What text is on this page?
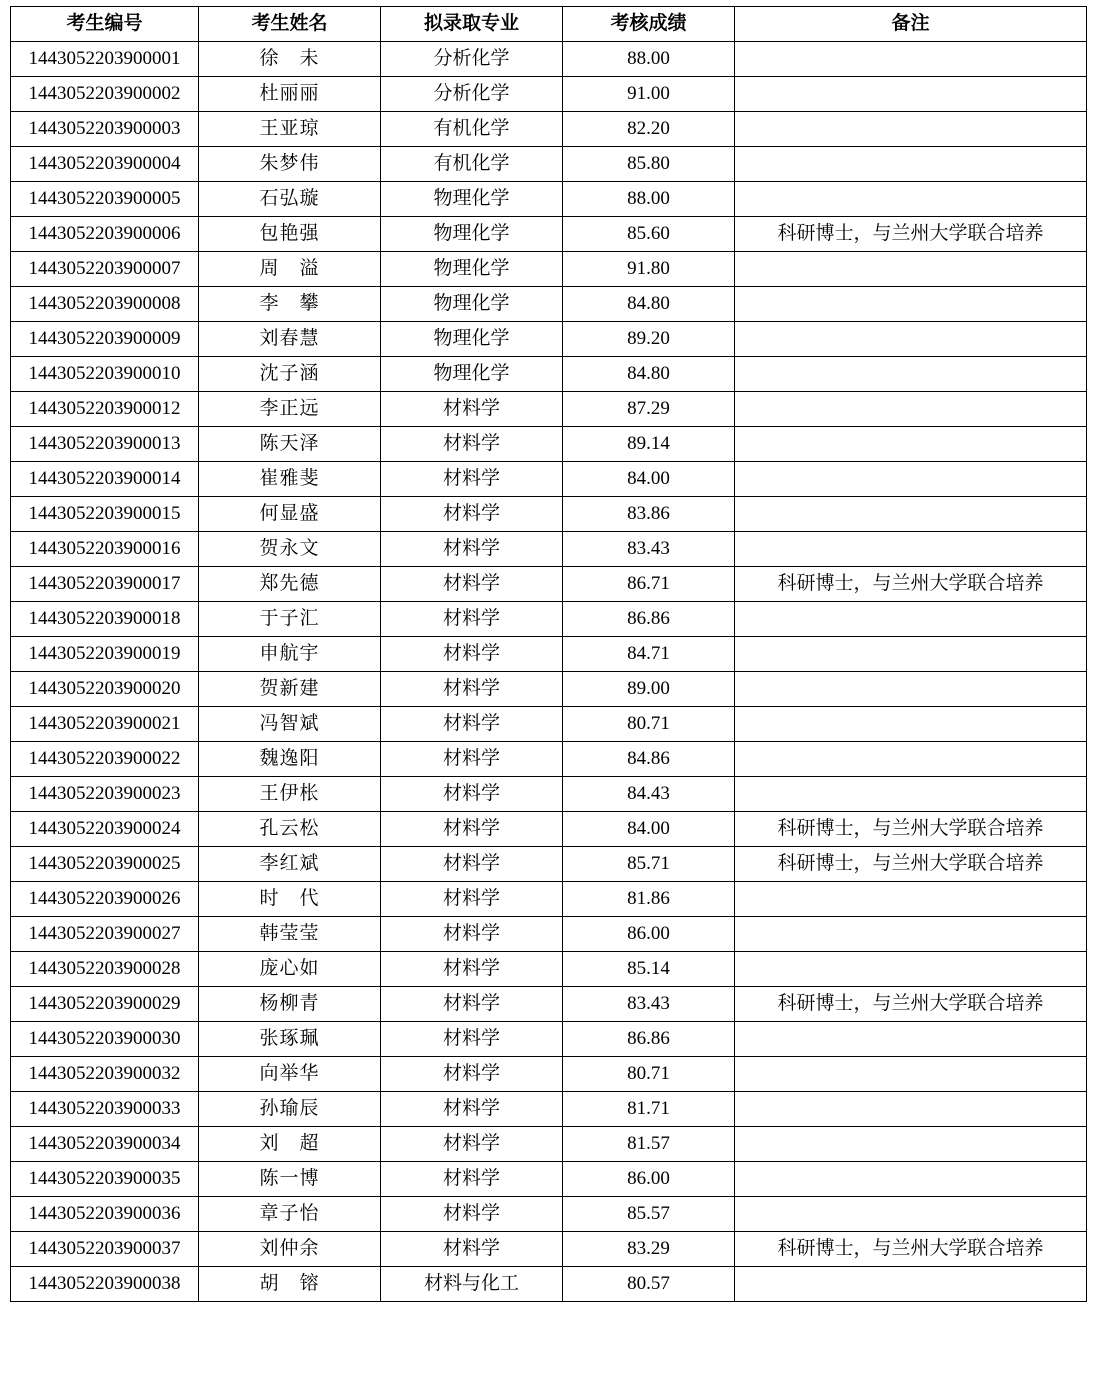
考生编号	考生姓名	拟录取专业	考核成绩	备注
1443052203900001	徐　未	分析化学	88.00	
1443052203900002	杜丽丽	分析化学	91.00	
1443052203900003	王亚琼	有机化学	82.20	
1443052203900004	朱梦伟	有机化学	85.80	
1443052203900005	石弘璇	物理化学	88.00	
1443052203900006	包艳强	物理化学	85.60	科研博士，与兰州大学联合培养
1443052203900007	周　溢	物理化学	91.80	
1443052203900008	李　攀	物理化学	84.80	
1443052203900009	刘春慧	物理化学	89.20	
1443052203900010	沈子涵	物理化学	84.80	
1443052203900012	李正远	材料学	87.29	
1443052203900013	陈天泽	材料学	89.14	
1443052203900014	崔雅斐	材料学	84.00	
1443052203900015	何显盛	材料学	83.86	
1443052203900016	贺永文	材料学	83.43	
1443052203900017	郑先德	材料学	86.71	科研博士，与兰州大学联合培养
1443052203900018	于子汇	材料学	86.86	
1443052203900019	申航宇	材料学	84.71	
1443052203900020	贺新建	材料学	89.00	
1443052203900021	冯智斌	材料学	80.71	
1443052203900022	魏逸阳	材料学	84.86	
1443052203900023	王伊枨	材料学	84.43	
1443052203900024	孔云松	材料学	84.00	科研博士，与兰州大学联合培养
1443052203900025	李红斌	材料学	85.71	科研博士，与兰州大学联合培养
1443052203900026	时　代	材料学	81.86	
1443052203900027	韩莹莹	材料学	86.00	
1443052203900028	庞心如	材料学	85.14	
1443052203900029	杨柳青	材料学	83.43	科研博士，与兰州大学联合培养
1443052203900030	张琢珮	材料学	86.86	
1443052203900032	向举华	材料学	80.71	
1443052203900033	孙瑜辰	材料学	81.71	
1443052203900034	刘　超	材料学	81.57	
1443052203900035	陈一博	材料学	86.00	
1443052203900036	章子怡	材料学	85.57	
1443052203900037	刘仲余	材料学	83.29	科研博士，与兰州大学联合培养
1443052203900038	胡　镕	材料与化工	80.57	
